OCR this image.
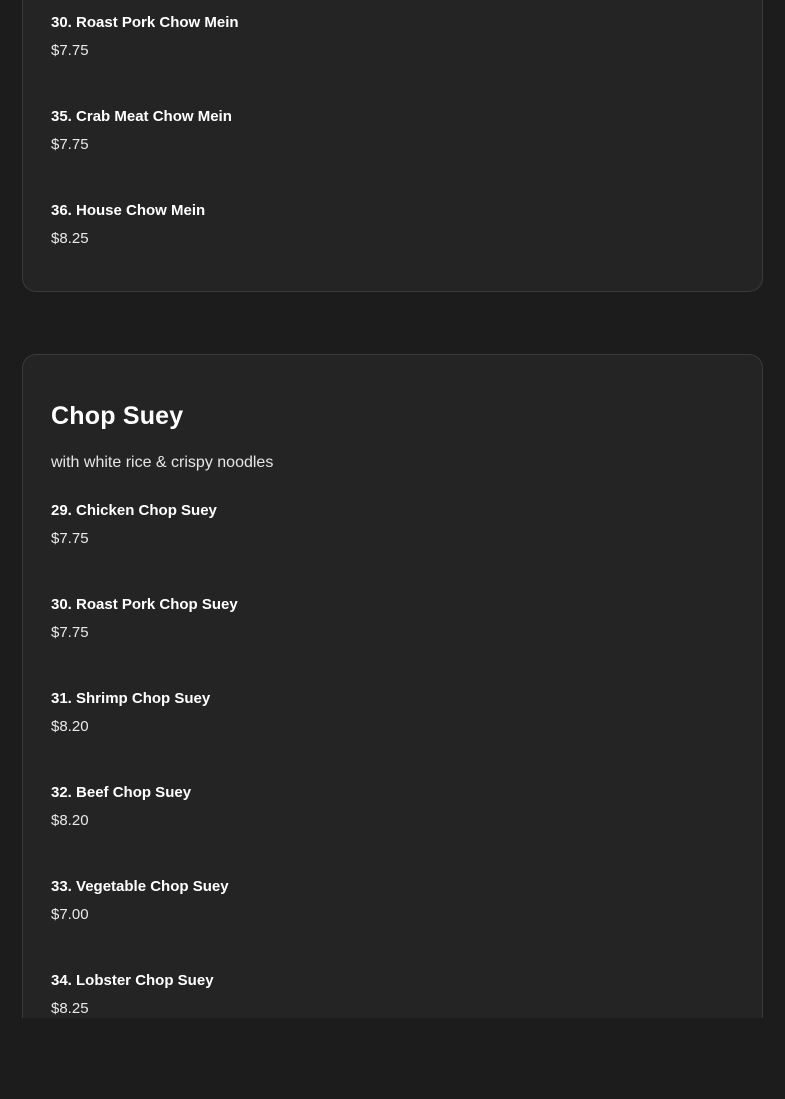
30. Roast Pork Chow Mein
$7.75
35. Crab Meat Chow Mein
$7.75
36. House Chow Mein
$8.25
Chop Suey

with white rice & crispy noodles

29. Chicken Chop Suey
$7.75
30. Roast Pork Chop Suey
$7.75
31. Shrimp Chop Suey
$8.20
32. Beef Chop Suey
$8.20
33. Vegetable Chop Suey
$7.00
34. Lobster Chop Suey
$8.25
